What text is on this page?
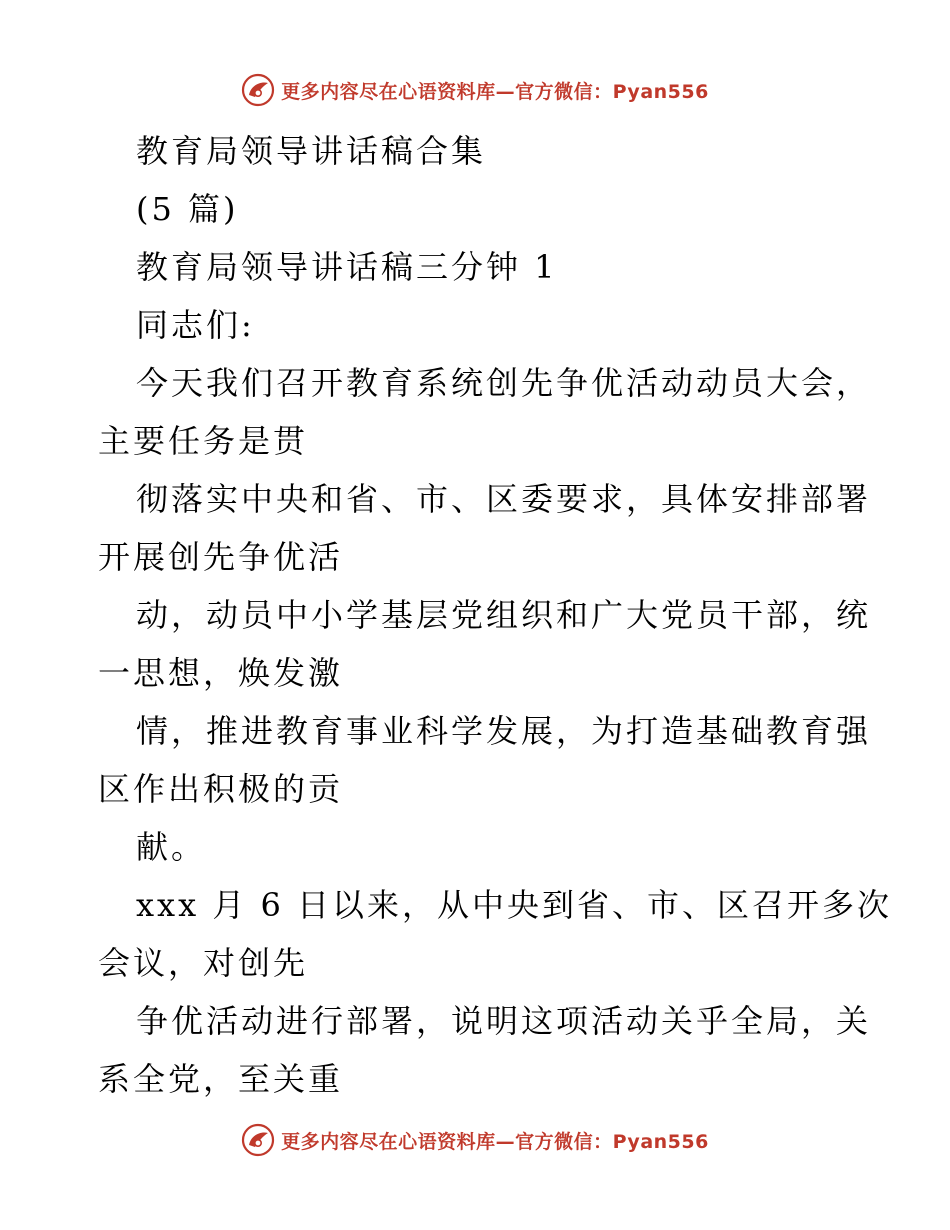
更多内容尽在心语资料库—官方微信：Pyan556
教育局领导讲话稿合集
(5 篇)
教育局领导讲话稿三分钟 1
同志们:
今天我们召开教育系统创先争优活动动员大会，
主要任务是贯
彻落实中央和省、市、区委要求，具体安排部署
开展创先争优活
动，动员中小学基层党组织和广大党员干部，统
一思想，焕发激
情，推进教育事业科学发展，为打造基础教育强
区作出积极的贡
献。
xxx 月 6 日以来，从中央到省、市、区召开多次
会议，对创先
争优活动进行部署，说明这项活动关乎全局，关
系全党，至关重
更多内容尽在心语资料库—官方微信：Pyan556
